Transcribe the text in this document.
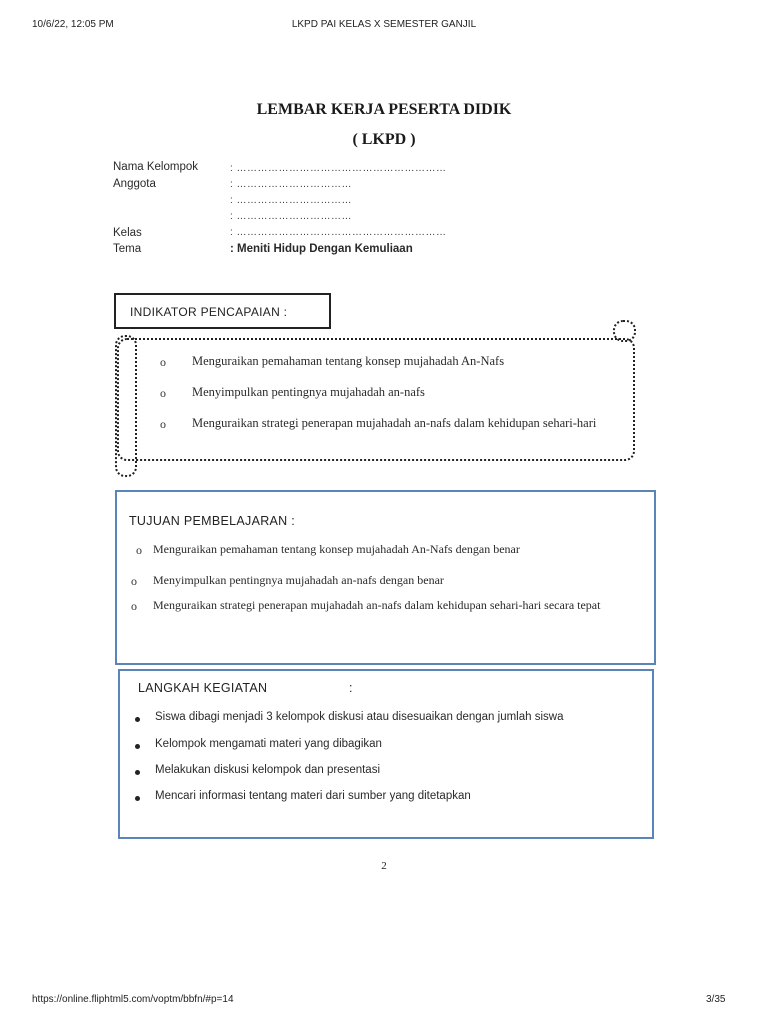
10/6/22, 12:05 PM	LKPD PAI KELAS X SEMESTER GANJIL
https://online.fliphtml5.com/voptm/bbfn/#p=14	3/35
LEMBAR KERJA PESERTA DIDIK
( LKPD )
Nama Kelompok	: ……………………………………………………
Anggota	: ……………………………
: ……………………………
: ……………………………
Kelas	: ……………………………………………………
Tema	: Meniti Hidup Dengan Kemuliaan
INDIKATOR PENCAPAIAN :
o Menguraikan pemahaman tentang konsep mujahadah An-Nafs
o Menyimpulkan pentingnya mujahadah an-nafs
o Menguraikan strategi penerapan mujahadah an-nafs dalam kehidupan sehari-hari
TUJUAN PEMBELAJARAN :
o Menguraikan pemahaman tentang konsep mujahadah An-Nafs dengan benar
o Menyimpulkan pentingnya mujahadah an-nafs dengan benar
o Menguraikan strategi penerapan mujahadah an-nafs dalam kehidupan sehari-hari secara tepat
LANGKAH KEGIATAN	:
Siswa dibagi menjadi 3 kelompok diskusi atau disesuaikan dengan jumlah siswa
Kelompok mengamati materi yang dibagikan
Melakukan diskusi kelompok dan presentasi
Mencari informasi tentang materi dari sumber yang ditetapkan
2
